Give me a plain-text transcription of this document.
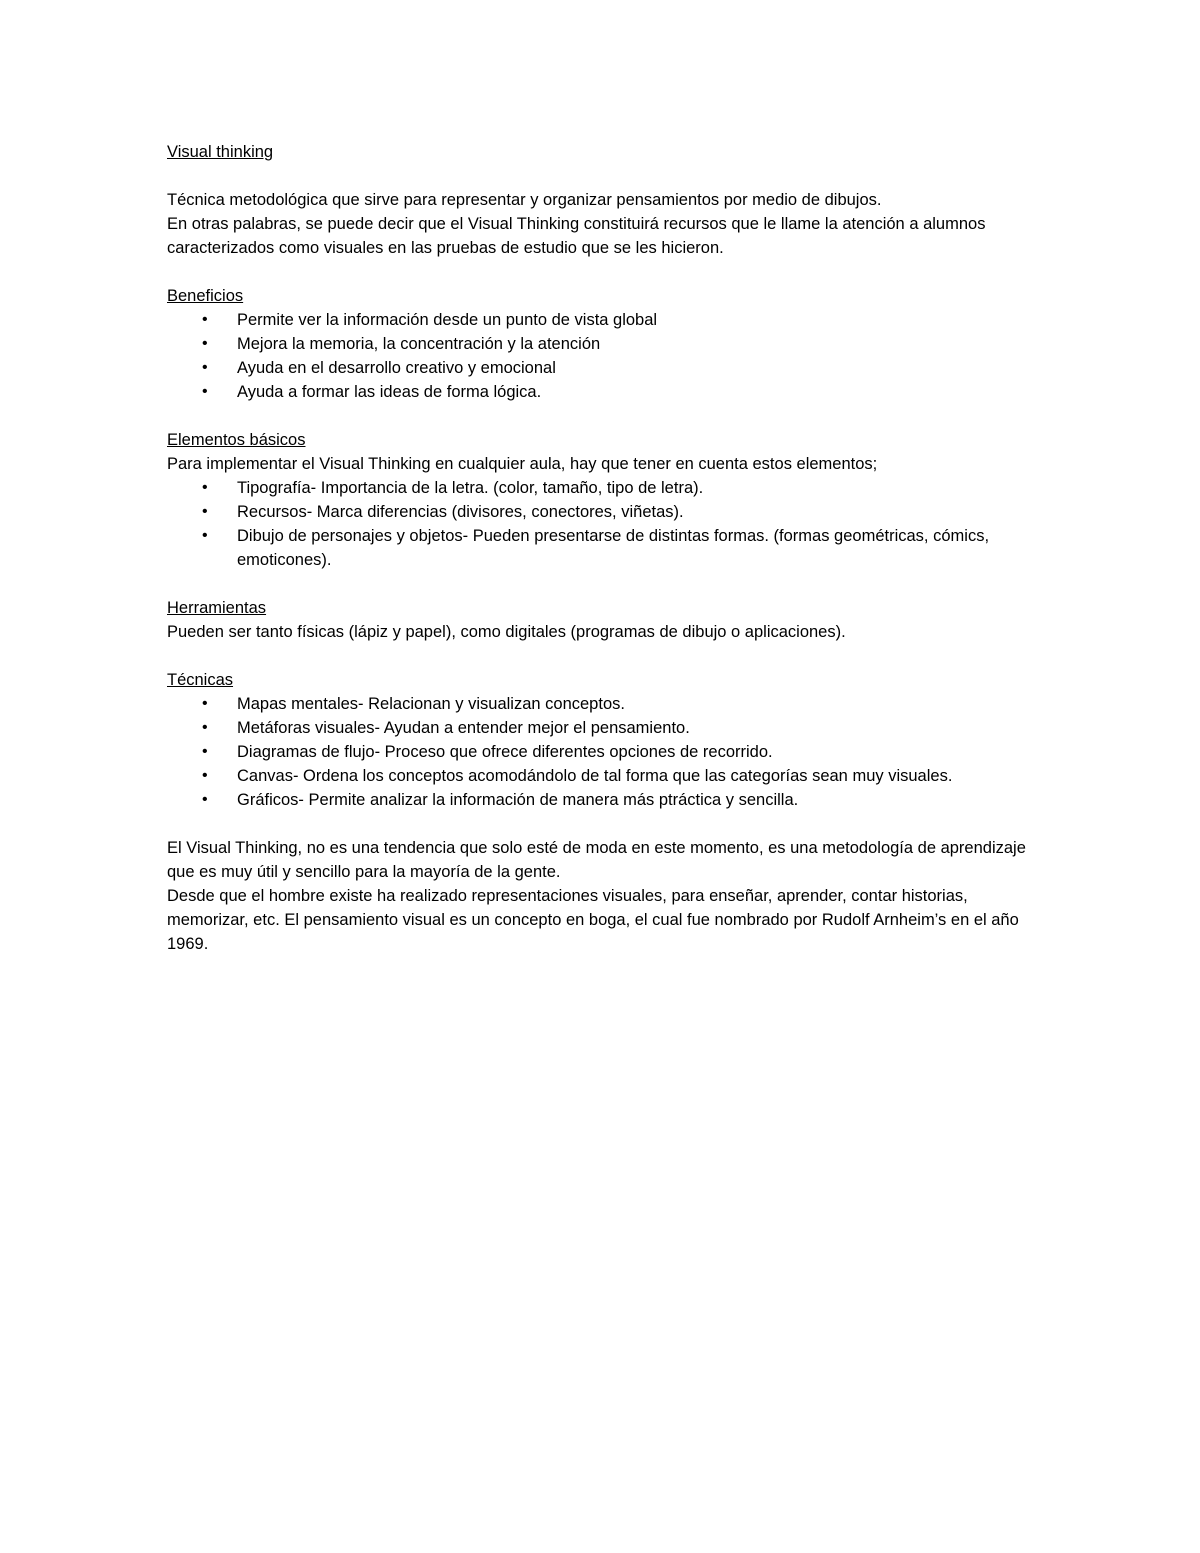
Visual thinking

Técnica metodológica que sirve para representar y organizar pensamientos por medio de dibujos.

En otras palabras, se puede decir que el Visual Thinking constituirá recursos que le llame la atención a alumnos caracterizados como visuales en las pruebas de estudio que se les hicieron.

Beneficios

• Permite ver la información desde un punto de vista global
• Mejora la memoria, la concentración y la atención
• Ayuda en el desarrollo creativo y emocional
• Ayuda a formar las ideas de forma lógica.

Elementos básicos

Para implementar el Visual Thinking en cualquier aula, hay que tener en cuenta estos elementos;

• Tipografía- Importancia de la letra. (color, tamaño, tipo de letra).
• Recursos- Marca diferencias (divisores, conectores, viñetas).
• Dibujo de personajes y objetos- Pueden presentarse de distintas formas. (formas geométricas, cómics, emoticones).

Herramientas

Pueden ser tanto físicas (lápiz y papel), como digitales (programas de dibujo o aplicaciones).

Técnicas

• Mapas mentales- Relacionan y visualizan conceptos.
• Metáforas visuales- Ayudan a entender mejor el pensamiento.
• Diagramas de flujo- Proceso que ofrece diferentes opciones de recorrido.
• Canvas- Ordena los conceptos acomodándolo de tal forma que las categorías sean muy visuales.
• Gráficos- Permite analizar la información de manera más ptráctica y sencilla.

El Visual Thinking, no es una tendencia que solo esté de moda en este momento, es una metodología de aprendizaje que es muy útil y sencillo para la mayoría de la gente.

Desde que el hombre existe ha realizado representaciones visuales, para enseñar, aprender, contar historias, memorizar, etc. El pensamiento visual es un concepto en boga, el cual fue nombrado por Rudolf Arnheim’s en el año 1969.
